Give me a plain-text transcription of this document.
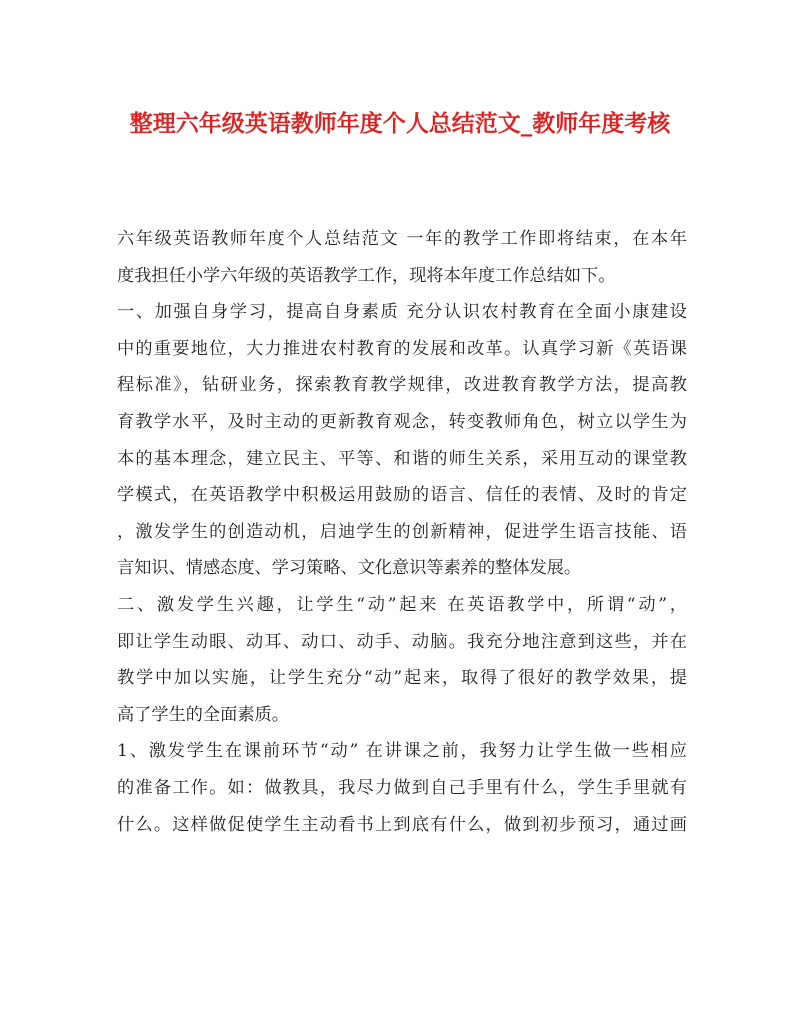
整理六年级英语教师年度个人总结范文_教师年度考核
六年级英语教师年度个人总结范文 一年的教学工作即将结束，在本年
度我担任小学六年级的英语教学工作，现将本年度工作总结如下。
一、加强自身学习，提高自身素质 充分认识农村教育在全面小康建设
中的重要地位，大力推进农村教育的发展和改革。认真学习新《英语课
程标准》，钻研业务，探索教育教学规律，改进教育教学方法，提高教
育教学水平，及时主动的更新教育观念，转变教师角色，树立以学生为
本的基本理念，建立民主、平等、和谐的师生关系，采用互动的课堂教
学模式，在英语教学中积极运用鼓励的语言、信任的表情、及时的肯定
，激发学生的创造动机，启迪学生的创新精神，促进学生语言技能、语
言知识、情感态度、学习策略、文化意识等素养的整体发展。
二、激发学生兴趣，让学生“动”起来 在英语教学中，所谓“动”，
即让学生动眼、动耳、动口、动手、动脑。我充分地注意到这些，并在
教学中加以实施，让学生充分“动”起来，取得了很好的教学效果，提
高了学生的全面素质。
1、激发学生在课前环节“动” 在讲课之前，我努力让学生做一些相应
的准备工作。如：做教具，我尽力做到自己手里有什么，学生手里就有
什么。这样做促使学生主动看书上到底有什么，做到初步预习，通过画
